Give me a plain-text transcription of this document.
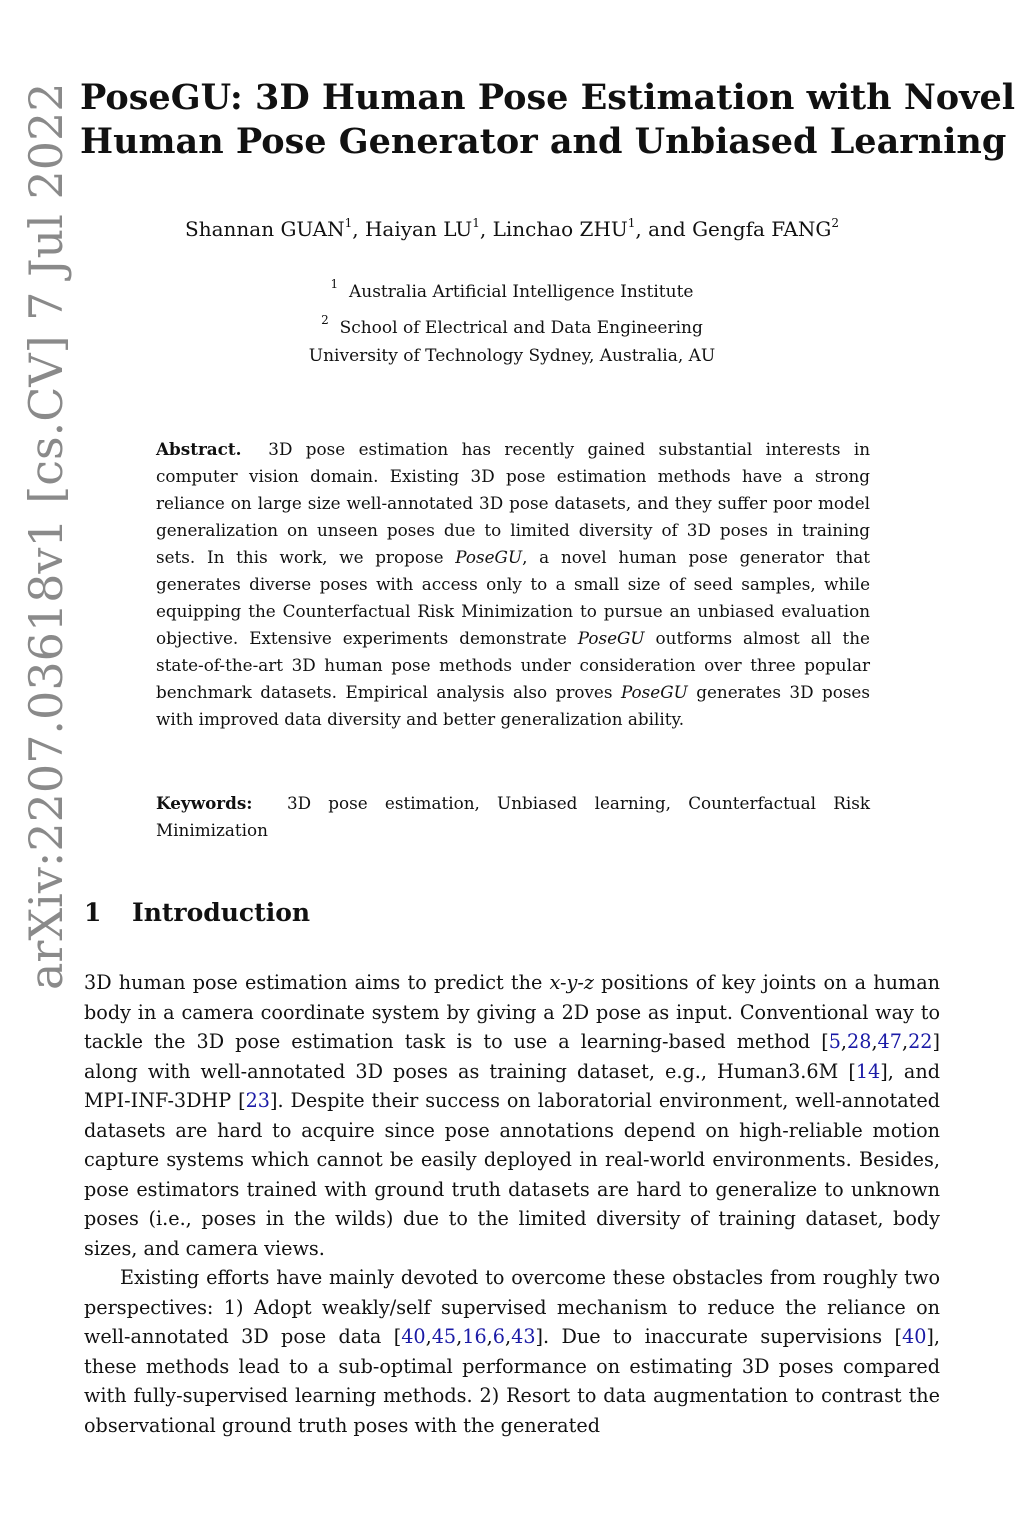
arXiv:2207.03618v1 [cs.CV] 7 Jul 2022 PoseGU: 3D Human Pose Estimation with Novel
Human Pose Generator and Unbiased Learning
Shannan GUAN$^1$, Haiyan $LU^1$, Linchao ZHU$^1$, and Gengfa FANG$^2$
$^1$ Australia Artificial Intelligence Institute
$^2$ School of Electrical and Data Engineering
University of Technology Sydney, Australia, AU
Abstract. 3D pose estimation has recently gained substantial interests in computer vision domain. Existing 3D pose estimation methods have a strong reliance on large size well-annotated 3D pose datasets, and they suffer poor model generalization on unseen poses due to limited diversity of 3D poses in training sets. In this work, we propose PoseGU, a novel human pose generator that generates diverse poses with access only to a small size of seed samples, while equipping the Counterfactual Risk Minimization to pursue an unbiased evaluation objective. Extensive experiments demonstrate PoseGU outforms almost all the state-of-the-art 3D human pose methods under consideration over three popular benchmark datasets. Empirical analysis also proves PoseGU generates 3D poses with improved data diversity and better generalization ability.
Keywords: 3D pose estimation, Unbiased learning, Counterfactual Risk Minimization
1 Introduction

3D human pose estimation aims to predict the x-y-z positions of key joints on a human body in a camera coordinate system by giving a 2D pose as input. Conventional way to tackle the 3D pose estimation task is to use a learning-based method [5,28,47,22] along with well-annotated 3D poses as training dataset, e.g., Human3.6M [14], and MPI-INF-3DHP [23]. Despite their success on laboratorial environment, well-annotated datasets are hard to acquire since pose annotations depend on high-reliable motion capture systems which cannot be easily deployed in real-world environments. Besides, pose estimators trained with ground truth datasets are hard to generalize to unknown poses (i.e., poses in the wilds) due to the limited diversity of training dataset, body sizes, and camera views.

Existing efforts have mainly devoted to overcome these obstacles from roughly two perspectives: 1) Adopt weakly/self supervised mechanism to reduce the reliance on well-annotated 3D pose data [40,45,16,6,43]. Due to inaccurate supervisions [40], these methods lead to a sub-optimal performance on estimating 3D poses compared with fully-supervised learning methods. 2) Resort to data augmentation to contrast the observational ground truth poses with the generated
